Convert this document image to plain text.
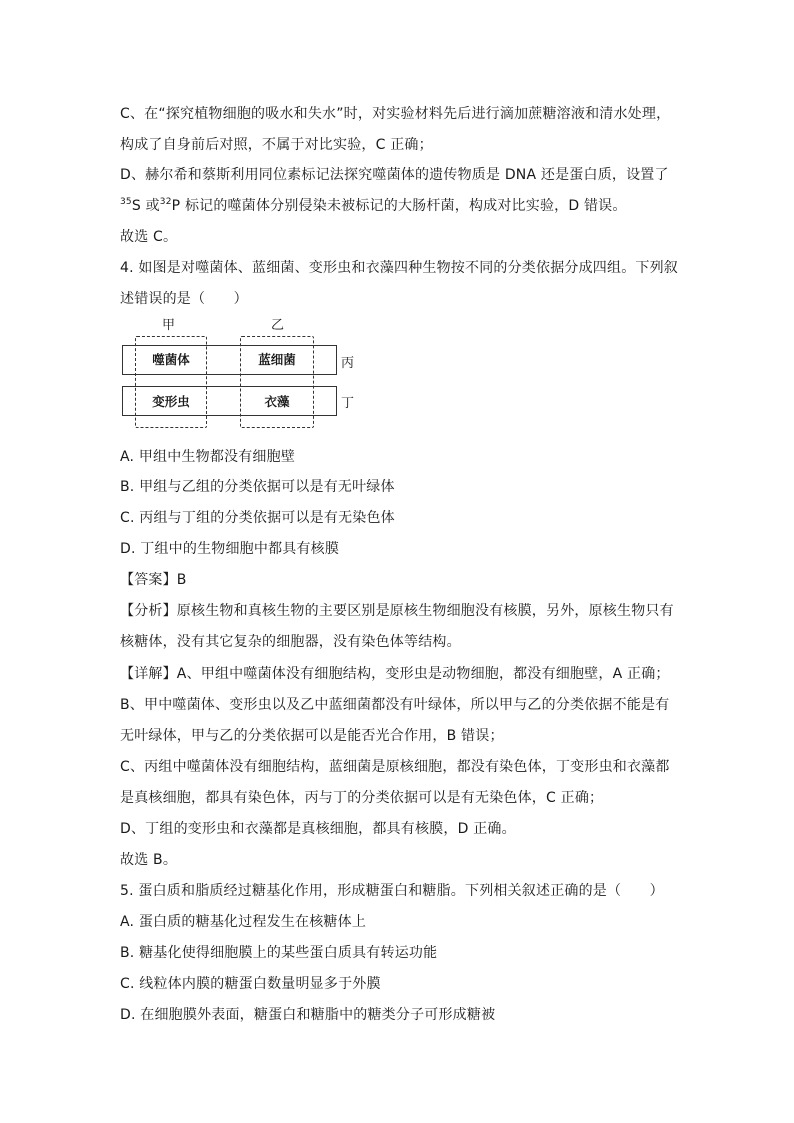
C、在“探究植物细胞的吸水和失水”时，对实验材料先后进行滴加蔗糖溶液和清水处理，
构成了自身前后对照，不属于对比实验，C 正确；
D、赫尔希和蔡斯利用同位素标记法探究噬菌体的遗传物质是 DNA 还是蛋白质，设置了
$^{35}$S 或$^{32}$P 标记的噬菌体分别侵染未被标记的大肠杆菌，构成对比实验，D 错误。
故选 C。
4. 如图是对噬菌体、蓝细菌、变形虫和衣藻四种生物按不同的分类依据分成四组。下列叙
述错误的是（　　）
甲	乙
噬菌体	蓝细菌
变形虫	衣藻
丙
丁
A. 甲组中生物都没有细胞壁
B. 甲组与乙组的分类依据可以是有无叶绿体
C. 丙组与丁组的分类依据可以是有无染色体
D. 丁组中的生物细胞中都具有核膜
【答案】B
【分析】原核生物和真核生物的主要区别是原核生物细胞没有核膜，另外，原核生物只有
核糖体，没有其它复杂的细胞器，没有染色体等结构。
【详解】A、甲组中噬菌体没有细胞结构，变形虫是动物细胞，都没有细胞壁，A 正确；
B、甲中噬菌体、变形虫以及乙中蓝细菌都没有叶绿体，所以甲与乙的分类依据不能是有
无叶绿体，甲与乙的分类依据可以是能否光合作用，B 错误；
C、丙组中噬菌体没有细胞结构，蓝细菌是原核细胞，都没有染色体，丁变形虫和衣藻都
是真核细胞，都具有染色体，丙与丁的分类依据可以是有无染色体，C 正确；
D、丁组的变形虫和衣藻都是真核细胞，都具有核膜，D 正确。
故选 B。
5. 蛋白质和脂质经过糖基化作用，形成糖蛋白和糖脂。下列相关叙述正确的是（　　）
A. 蛋白质的糖基化过程发生在核糖体上
B. 糖基化使得细胞膜上的某些蛋白质具有转运功能
C. 线粒体内膜的糖蛋白数量明显多于外膜
D. 在细胞膜外表面，糖蛋白和糖脂中的糖类分子可形成糖被
